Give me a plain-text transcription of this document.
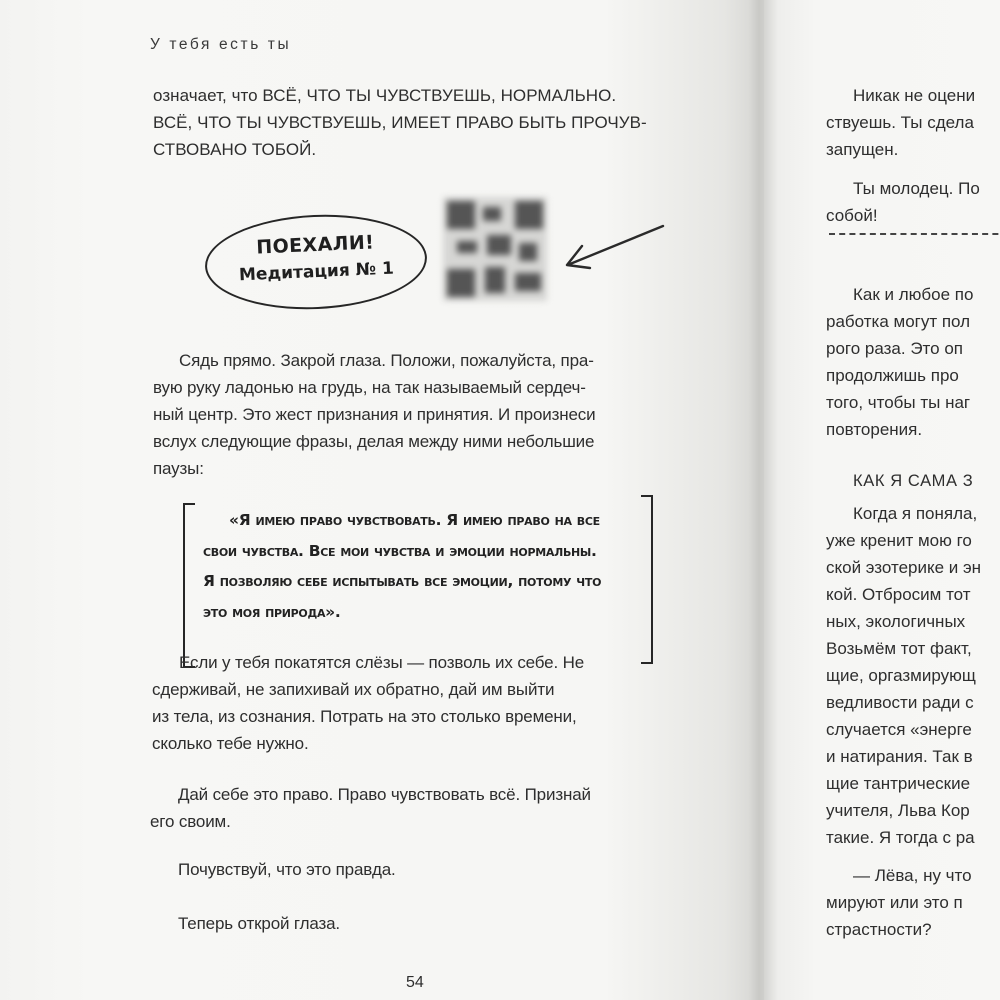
У тебя есть ты
означает, что ВСЁ, ЧТО ТЫ ЧУВСТВУЕШЬ, НОРМАЛЬНО.
ВСЁ, ЧТО ТЫ ЧУВСТВУЕШЬ, ИМЕЕТ ПРАВО БЫТЬ ПРОЧУВ-
СТВОВАНО ТОБОЙ.
ПОЕХАЛИ!
Медитация № 1
Сядь прямо. Закрой глаза. Положи, пожалуйста, пра-
вую руку ладонью на грудь, на так называемый сердеч-
ный центр. Это жест признания и принятия. И произнеси
вслух следующие фразы, делая между ними небольшие
паузы:
«Я имею право чувствовать. Я имею право на все
свои чувства. Все мои чувства и эмоции нормальны.
Я позволяю себе испытывать все эмоции, потому что
это моя природа».
Если у тебя покатятся слёзы — позволь их себе. Не
сдерживай, не запихивай их обратно, дай им выйти
из тела, из сознания. Потрать на это столько времени,
сколько тебе нужно.
Дай себе это право. Право чувствовать всё. Признай
его своим.
Почувствуй, что это правда.
Теперь открой глаза.
54
Никак не оцени
ствуешь. Ты сдела
запущен.
Ты молодец. По
собой!
Как и любое по
работка могут пол
рого раза. Это оп
продолжишь про
того, чтобы ты наг
повторения.
КАК Я САМА З
Когда я поняла,
уже кренит мою го
ской эзотерике и эн
кой. Отбросим тот
ных, экологичных
Возьмём тот факт,
щие, оргазмирующ
ведливости ради с
случается «энерге
и натирания. Так в
щие тантрические
учителя, Льва Кор
такие. Я тогда с ра
— Лёва, ну что
мируют или это п
страстности?
